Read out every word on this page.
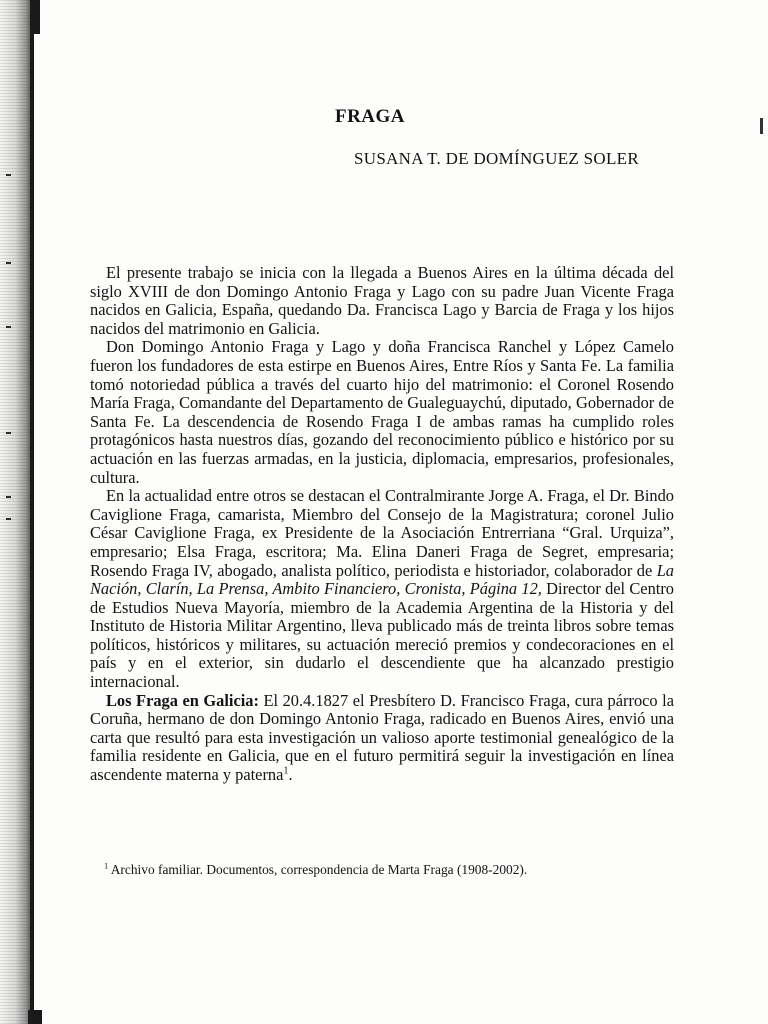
FRAGA
SUSANA T. DE DOMÍNGUEZ SOLER

El presente trabajo se inicia con la llegada a Buenos Aires en la última década del siglo XVIII de don Domingo Antonio Fraga y Lago con su padre Juan Vicente Fraga nacidos en Galicia, España, quedando Da. Francisca Lago y Barcia de Fraga y los hijos nacidos del matrimonio en Galicia.

Don Domingo Antonio Fraga y Lago y doña Francisca Ranchel y López Camelo fueron los fundadores de esta estirpe en Buenos Aires, Entre Ríos y Santa Fe. La familia tomó notoriedad pública a través del cuarto hijo del matrimonio: el Coronel Rosendo María Fraga, Comandante del Departamento de Gualeguaychú, diputado, Gobernador de Santa Fe. La descendencia de Rosendo Fraga I de ambas ramas ha cumplido roles protagónicos hasta nuestros días, gozando del reconocimiento público e histórico por su actuación en las fuerzas armadas, en la justicia, diplomacia, empresarios, profesionales, cultura.

En la actualidad entre otros se destacan el Contralmirante Jorge A. Fraga, el Dr. Bindo Caviglione Fraga, camarista, Miembro del Consejo de la Magistratura; coronel Julio César Caviglione Fraga, ex Presidente de la Asociación Entrerriana “Gral. Urquiza”, empresario; Elsa Fraga, escritora; Ma. Elina Daneri Fraga de Segret, empresaria; Rosendo Fraga IV, abogado, analista político, periodista e historiador, colaborador de La Nación, Clarín, La Prensa, Ambito Financiero, Cronista, Página 12, Director del Centro de Estudios Nueva Mayoría, miembro de la Academia Argentina de la Historia y del Instituto de Historia Militar Argentino, lleva publicado más de treinta libros sobre temas políticos, históricos y militares, su actuación mereció premios y condecoraciones en el país y en el exterior, sin dudarlo el descendiente que ha alcanzado prestigio internacional.

Los Fraga en Galicia: El 20.4.1827 el Presbítero D. Francisco Fraga, cura párroco la Coruña, hermano de don Domingo Antonio Fraga, radicado en Buenos Aires, envió una carta que resultó para esta investigación un valioso aporte testimonial genealógico de la familia residente en Galicia, que en el futuro permitirá seguir la investigación en línea ascendente materna y paterna$^1$.

$^1$ Archivo familiar. Documentos, correspondencia de Marta Fraga (1908-2002).
